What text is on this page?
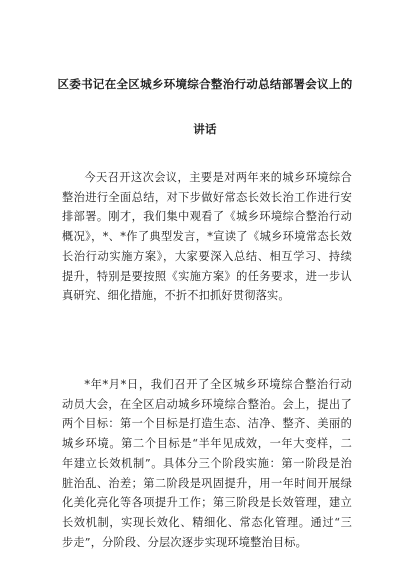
区委书记在全区城乡环境综合整治行动总结部署会议上的
讲话

今天召开这次会议，主要是对两年来的城乡环境综合整治进行全面总结，对下步做好常态长效长治工作进行安排部署。刚才，我们集中观看了《城乡环境综合整治行动概况》，*、*作了典型发言，*宣读了《城乡环境常态长效长治行动实施方案》，大家要深入总结、相互学习、持续提升，特别是要按照《实施方案》的任务要求，进一步认真研究、细化措施，不折不扣抓好贯彻落实。

*年*月*日，我们召开了全区城乡环境综合整治行动动员大会，在全区启动城乡环境综合整治。会上，提出了两个目标：第一个目标是打造生态、洁净、整齐、美丽的城乡环境。第二个目标是“半年见成效，一年大变样，二年建立长效机制”。具体分三个阶段实施：第一阶段是治脏治乱、治差；第二阶段是巩固提升，用一年时间开展绿化美化亮化等各项提升工作；第三阶段是长效管理，建立长效机制，实现长效化、精细化、常态化管理。通过“三步走”，分阶段、分层次逐步实现环境整治目标。
